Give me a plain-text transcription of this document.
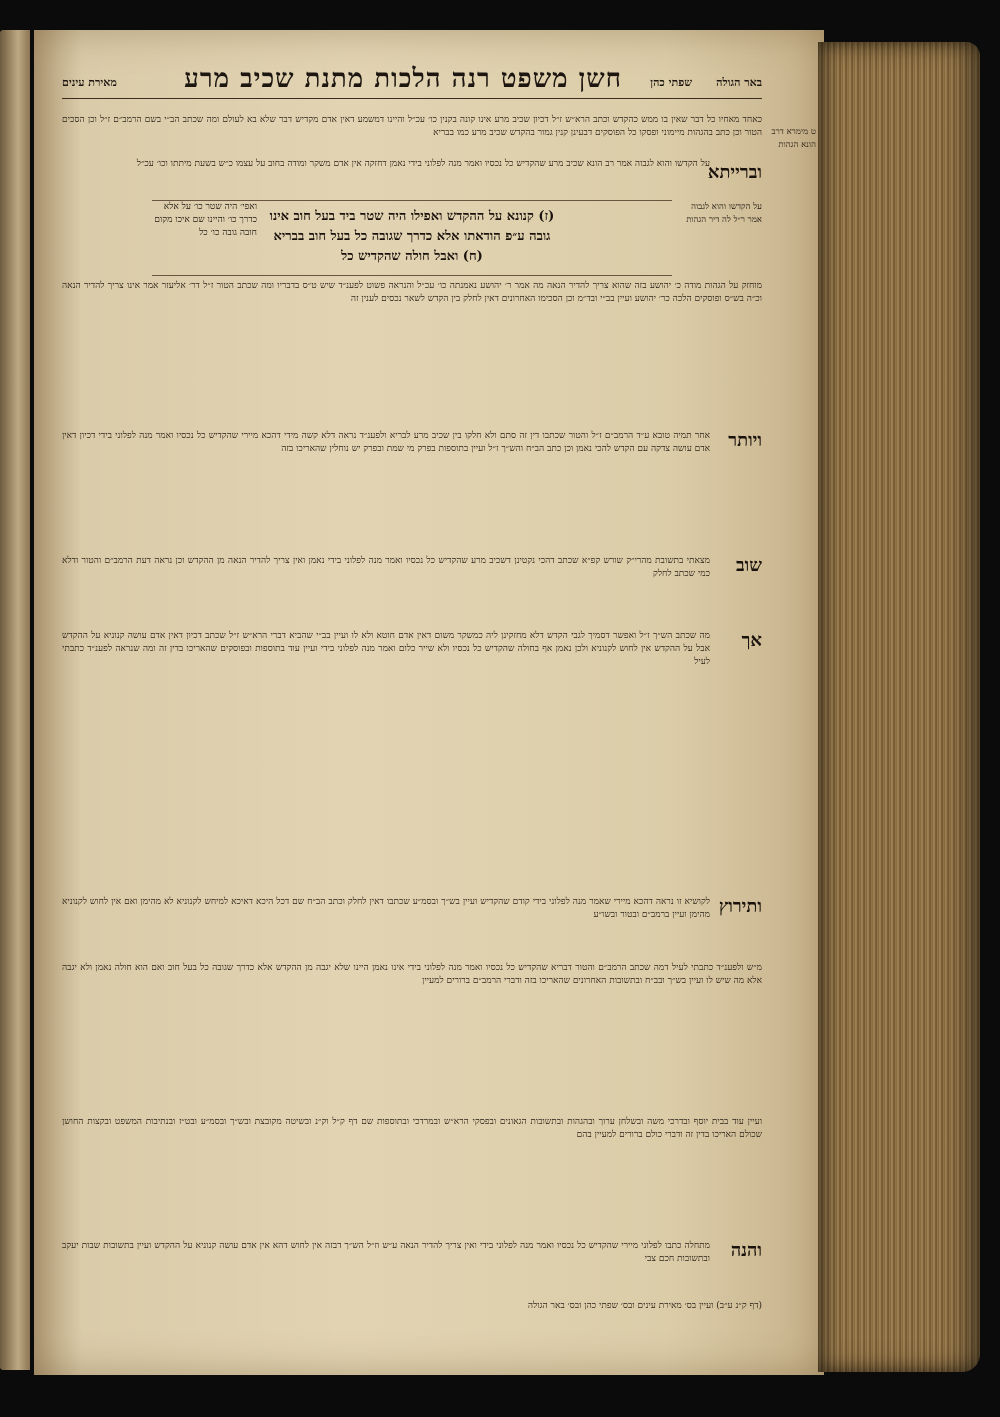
באר הגולה
שפתי כהן
חשן משפט רנה הלכות מתנת שכיב מרע
מאירת עינים
כאחד מאחיו כל דבר שאין בו ממש כהקדש וכתב הרא״ש ז״ל דכיון שכיב מרע אינו קונה בקנין כו׳ עכ״ל והיינו דמשמע דאין אדם מקדיש דבר שלא בא לעולם ומה שכתב הב״י בשם הרמב״ם ז״ל וכן הסכים הטור וכן כתב בהגהות מיימוני ופסקו כל הפוסקים דבעינן קנין גמור בהקדש שכיב מרע כמו בבריא
וברייתא
על הקדשו והוא לגבוה אמר רב הונא שכיב מרע שהקדיש כל נכסיו ואמר מנה לפלוני בידי נאמן דחזקה אין אדם משקר ומודה בחוב על עצמו כ״ש בשעת מיתתו וכו׳ עכ״ל
על הקדשו והוא לגבוה אמר ר״ל לה דיר הגהות
(ז) קנונא על ההקדש ואפילו היה שטר ביד בעל חוב אינו גובה ע״פ הודאתו אלא כדרך שגובה כל בעל חוב בבריא (ח) ואבל חולה שהקדיש כל
ואפי׳ היה שטר כו׳ על אלא כדרך כו׳ והיינו שם איכו מקום חובה גובה כו׳ כל
מוחזק על הגהות מודה כ׳ יהושע בזה שהוא צריך להדיר הנאה מה אמר ר׳ יהושע נאמנתה כו׳ עכ״ל והנראה פשוט לפענ״ד שיש ט״ס בדבריו ומה שכתב הטור ז״ל דר׳ אליעזר אמר אינו צריך להדיר הנאה וכ״ה בש״ס ופוסקים הלכה כר׳ יהושע ועיין בב״י ובד״מ וכן הסכימו האחרונים דאין לחלק בין הקדש לשאר נכסים לענין זה
ויותר
אחר תמיה טובא ע״ד הרמב״ם ז״ל והטור שכתבו דין זה סתם ולא חלקו בין שכיב מרע לבריא ולפענ״ד נראה דלא קשה מידי דהכא מיירי שהקדיש כל נכסיו ואמר מנה לפלוני בידי דכיון דאין אדם עושה צדקה עם הקדש להכי נאמן וכן כתב הב״ח והש״ך ז״ל ועיין בתוספות בפרק מי שמת ובפרק יש נוחלין שהאריכו בזה
שוב
מצאתי בתשובת מהרי״ק שורש קפ״א שכתב דהכי נקטינן דשכיב מרע שהקדיש כל נכסיו ואמר מנה לפלוני בידי נאמן ואין צריך להדיר הנאה מן ההקדש וכן נראה דעת הרמב״ם והטור ודלא כמי שכתב לחלק
אך
מה שכתב הש״ך ז״ל ואפשר דסמיך לגבי הקדש דלא מחזקינן ליה כמשקר משום דאין אדם חוטא ולא לו ועיין בב״י שהביא דברי הרא״ש ז״ל שכתב דכיון דאין אדם עושה קנוניא על ההקדש אבל על ההקדש אין לחוש לקנוניא ולכן נאמן אף בחולה שהקדיש כל נכסיו ולא שייר כלום ואמר מנה לפלוני בידי ועיין עוד בתוספות ובפוסקים שהאריכו בדין זה ומה שנראה לפענ״ד כתבתי לעיל
ותירוץ
לקושיא זו נראה דהכא מיירי שאמר מנה לפלוני בידי קודם שהקדיש ועיין בש״ך ובסמ״ע שכתבו דאין לחלק וכתב הב״ח שם דכל היכא דאיכא למיחש לקנוניא לא מהימן ואם אין לחוש לקנוניא מהימן ועיין ברמב״ם ובטור ובשו״ע
מ״ש ולפענ״ד כתבתי לעיל דמה שכתב הרמב״ם והטור דבריא שהקדיש כל נכסיו ואמר מנה לפלוני בידי אינו נאמן היינו שלא יגבה מן ההקדש אלא כדרך שגובה כל בעל חוב ואם הוא חולה נאמן ולא יגבה אלא מה שיש לו ועיין בש״ך ובב״ח ובתשובות האחרונים שהאריכו בזה ודברי הרמב״ם ברורים למעיין
ועיין עוד בבית יוסף ובדרכי משה ובשלחן ערוך ובהגהות ובתשובות הגאונים ובפסקי הרא״ש ובמרדכי ובתוספות שם דף ק״ל וק״נ ובשיטה מקובצת ובש״ך ובסמ״ע ובט״ז ובנתיבות המשפט ובקצות החושן שכולם האריכו בדין זה ודברי כולם ברורים למעיין בהם
והנה
מתחלה כתבו לפלוני מיירי שהקדיש כל נכסיו ואמר מנה לפלוני בידי ואין צריך להדיר הנאה ע״ש וז״ל הש״ך דבזה אין לחוש דהא אין אדם עושה קנוניא על ההקדש ועיין בתשובות שבות יעקב ובתשובות חכם צבי
(דף ק״נ ע״ב) ועיין בס׳ מאירת עינים ובס׳ שפתי כהן ובס׳ באר הגולה
ט מימרא דרב הונא הגהות
